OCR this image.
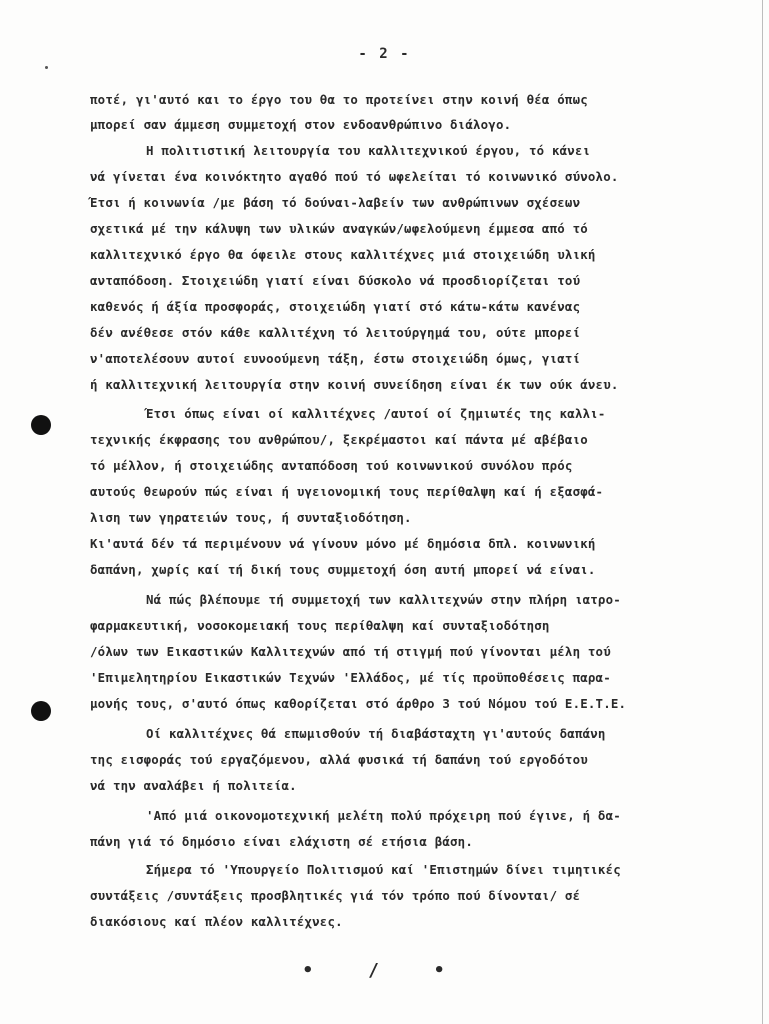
- 2 -
ποτέ, γι'αυτό και το έργο του θα το προτείνει στην κοινή θέα όπως
μπορεί σαν άμμεση συμμετοχή στον ενδοανθρώπινο διάλογο.
Η πολιτιστική λειτουργία του καλλιτεχνικού έργου, τό κάνει
νά γίνεται ένα κοινόκτητο αγαθό πού τό ωφελείται τό κοινωνικό σύνολο.
Έτσι ή κοινωνία /με βάση τό δούναι-λαβείν των ανθρώπινων σχέσεων
σχετικά μέ την κάλυψη των υλικών αναγκών/ωφελούμενη έμμεσα από τό
καλλιτεχνικό έργο θα όφειλε στους καλλιτέχνες μιά στοιχειώδη υλική
ανταπόδοση. Στοιχειώδη γιατί είναι δύσκολο νά προσδιορίζεται τού
καθενός ή άξία προσφοράς, στοιχειώδη γιατί στό κάτω-κάτω κανένας
δέν ανέθεσε στόν κάθε καλλιτέχνη τό λειτούργημά του, ούτε μπορεί
ν'αποτελέσουν αυτοί ευνοούμενη τάξη, έστω στοιχειώδη όμως, γιατί
ή καλλιτεχνική λειτουργία στην κοινή συνείδηση είναι έκ των ούκ άνευ.
Έτσι όπως είναι οί καλλιτέχνες /αυτοί οί ζημιωτές της καλλι-
τεχνικής έκφρασης του ανθρώπου/, ξεκρέμαστοι καί πάντα μέ αβέβαιο
τό μέλλον, ή στοιχειώδης ανταπόδοση τού κοινωνικού συνόλου πρός
αυτούς θεωρούν πώς είναι ή υγειονομική τους περίθαλψη καί ή εξασφά-
λιση των γηρατειών τους, ή συνταξιοδότηση.
Κι'αυτά δέν τά περιμένουν νά γίνουν μόνο μέ δημόσια δπλ. κοινωνική
δαπάνη, χωρίς καί τή δική τους συμμετοχή όση αυτή μπορεί νά είναι.
Νά πώς βλέπουμε τή συμμετοχή των καλλιτεχνών στην πλήρη ιατρο-
φαρμακευτική, νοσοκομειακή τους περίθαλψη καί συνταξιοδότηση
/όλων των Εικαστικών Καλλιτεχνών από τή στιγμή πού γίνονται μέλη τού
'Επιμελητηρίου Εικαστικών Τεχνών 'Ελλάδος, μέ τίς προϋποθέσεις παρα-
μονής τους, σ'αυτό όπως καθορίζεται στό άρθρο 3 τού Νόμου τού Ε.Ε.Τ.Ε.
Οί καλλιτέχνες θά επωμισθούν τή διαβάσταχτη γι'αυτούς δαπάνη
της εισφοράς τού εργαζόμενου, αλλά φυσικά τή δαπάνη τού εργοδότου
νά την αναλάβει ή πολιτεία.
'Από μιά οικονομοτεχνική μελέτη πολύ πρόχειρη πού έγινε, ή δα-
πάνη γιά τό δημόσιο είναι ελάχιστη σέ ετήσια βάση.
Σήμερα τό 'Υπουργείο Πολιτισμού καί 'Επιστημών δίνει τιμητικές
συντάξεις /συντάξεις προσβλητικές γιά τόν τρόπο πού δίνονται/ σέ
διακόσιους καί πλέον καλλιτέχνες.
• / •
